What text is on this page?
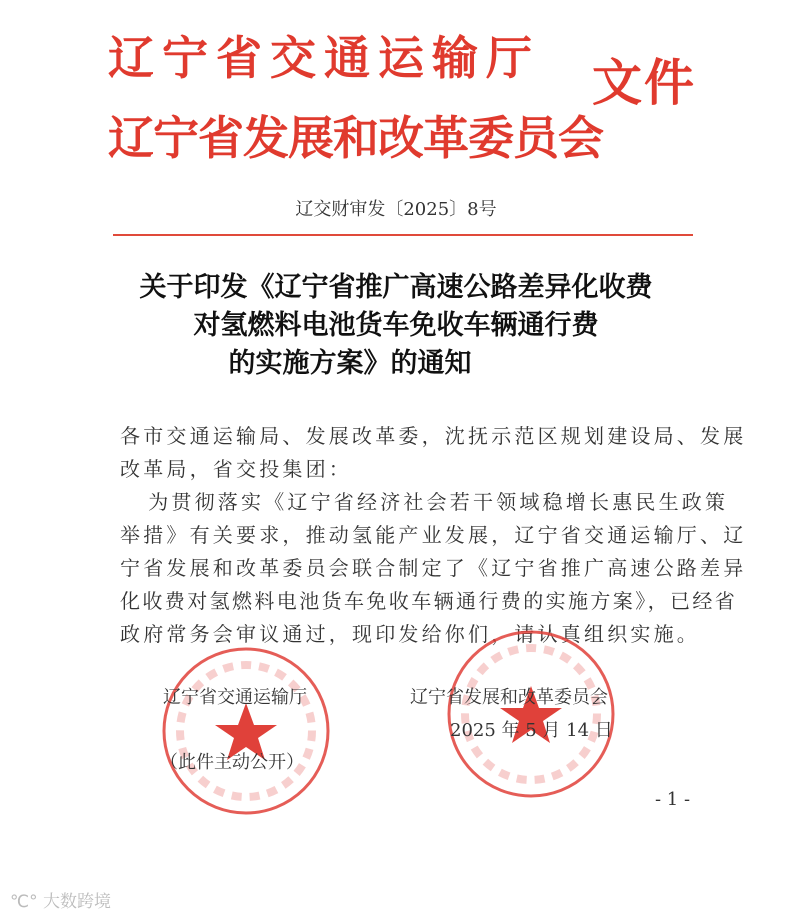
辽宁省交通运输厅
辽宁省发展和改革委员会
文件
辽交财审发〔2025〕8号
关于印发《辽宁省推广高速公路差异化收费
对氢燃料电池货车免收车辆通行费
的实施方案》的通知
各市交通运输局、发展改革委，沈抚示范区规划建设局、发展
改革局，省交投集团：
　为贯彻落实《辽宁省经济社会若干领域稳增长惠民生政策
举措》有关要求，推动氢能产业发展，辽宁省交通运输厅、辽
宁省发展和改革委员会联合制定了《辽宁省推广高速公路差异
化收费对氢燃料电池货车免收车辆通行费的实施方案》，已经省
政府常务会审议通过，现印发给你们，请认真组织实施。
辽宁省交通运输厅	辽宁省发展和改革委员会
2025 年 5 月 14 日
（此件主动公开）
- 1 -
℃° 大数跨境
